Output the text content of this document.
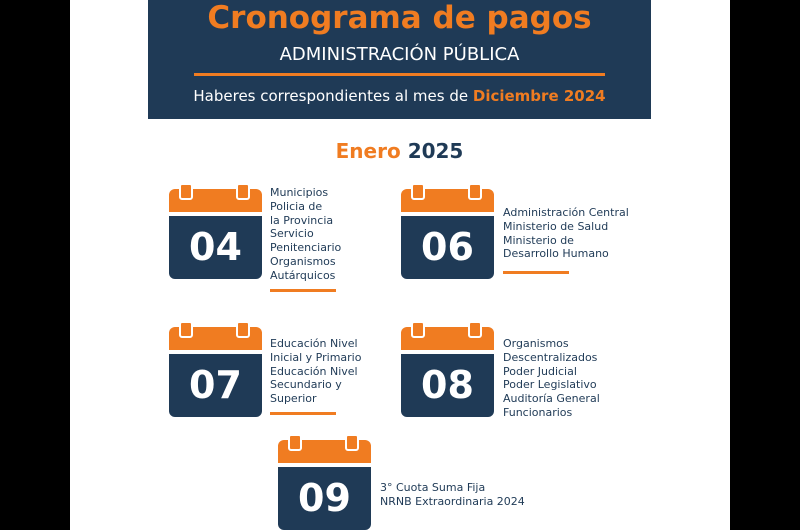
Cronograma de pagos
ADMINISTRACIÓN PÚBLICA
Haberes correspondientes al mes de Diciembre 2024
Enero 2025
04
Municipios
Policia de
la Provincia
Servicio
Penitenciario
Organismos
Autárquicos
06
Administración Central
Ministerio de Salud
Ministerio de
Desarrollo Humano
07
Educación Nivel
Inicial y Primario
Educación Nivel
Secundario y
Superior	08
Organismos
Descentralizados
Poder Judicial
Poder Legislativo
Auditoría General
Funcionarios
09	3° Cuota Suma Fija
NRNB Extraordinaria 2024
